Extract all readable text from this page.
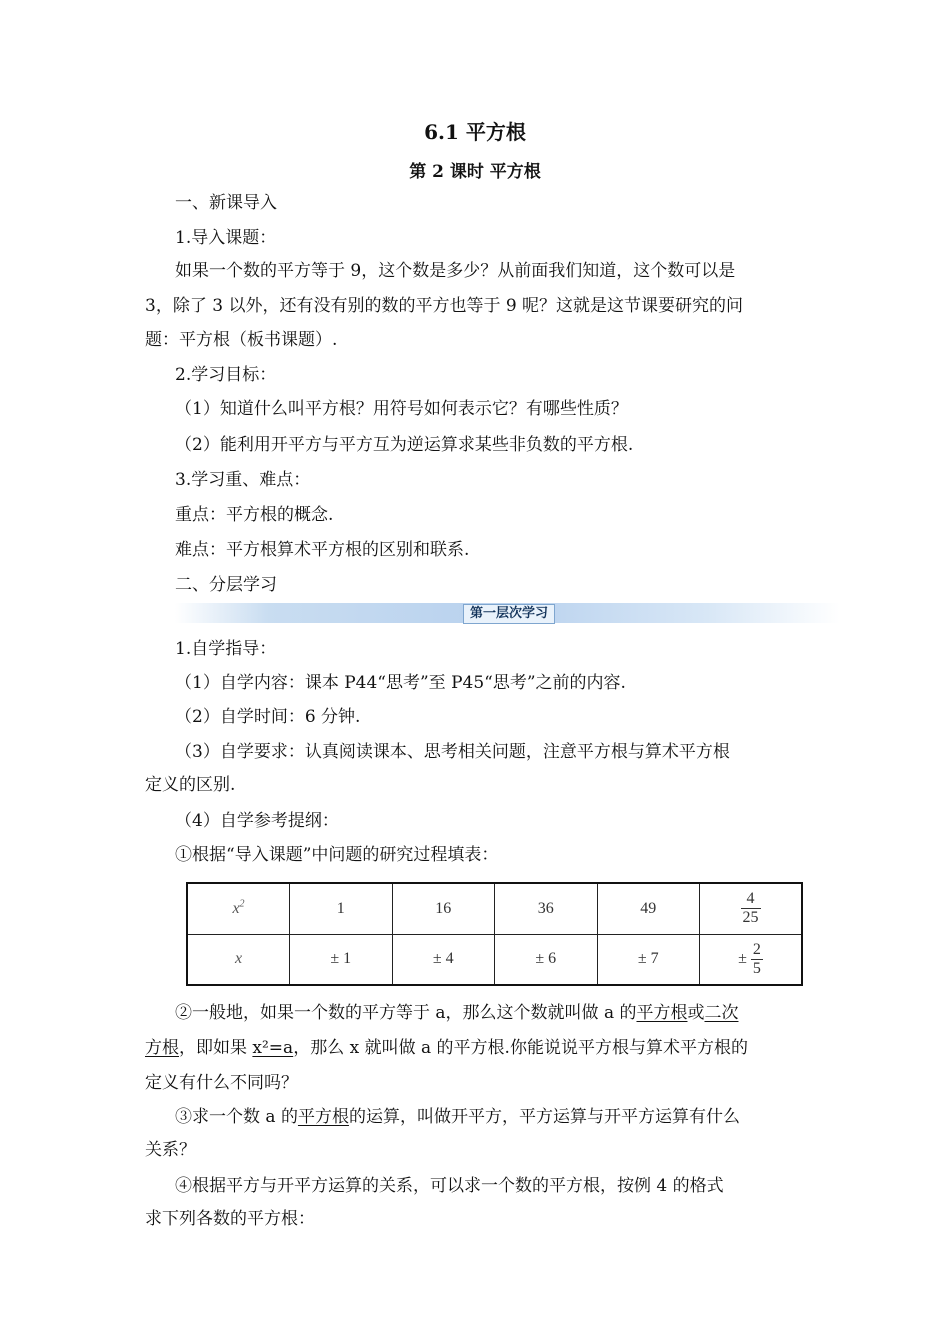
6.1 平方根
第 2 课时 平方根

一、新课导入

1.导入课题：

如果一个数的平方等于 9，这个数是多少？从前面我们知道，这个数可以是

3，除了 3 以外，还有没有别的数的平方也等于 9 呢？这就是这节课要研究的问

题：平方根（板书课题）.

2.学习目标：

（1）知道什么叫平方根？用符号如何表示它？有哪些性质？

（2）能利用开平方与平方互为逆运算求某些非负数的平方根.

3.学习重、难点：

重点：平方根的概念.

难点：平方根算术平方根的区别和联系.

二、分层学习

第一层次学习

1.自学指导：

（1）自学内容：课本 P44“思考”至 P45“思考”之前的内容.

（2）自学时间：6 分钟.

（3）自学要求：认真阅读课本、思考相关问题，注意平方根与算术平方根

定义的区别.

（4）自学参考提纲：

①根据“导入课题”中问题的研究过程填表：

$x^2$	1	16	36	49	$\frac{4}{25}$

x	± 1	± 4	± 6	± 7	± $\frac{2}{5}$

②一般地，如果一个数的平方等于 a，那么这个数就叫做 a 的平方根或二次

方根，即如果 x²=a，那么 x 就叫做 a 的平方根.你能说说平方根与算术平方根的

定义有什么不同吗？

③求一个数 a 的平方根的运算，叫做开平方，平方运算与开平方运算有什么

关系？

④根据平方与开平方运算的关系，可以求一个数的平方根，按例 4 的格式

求下列各数的平方根：
